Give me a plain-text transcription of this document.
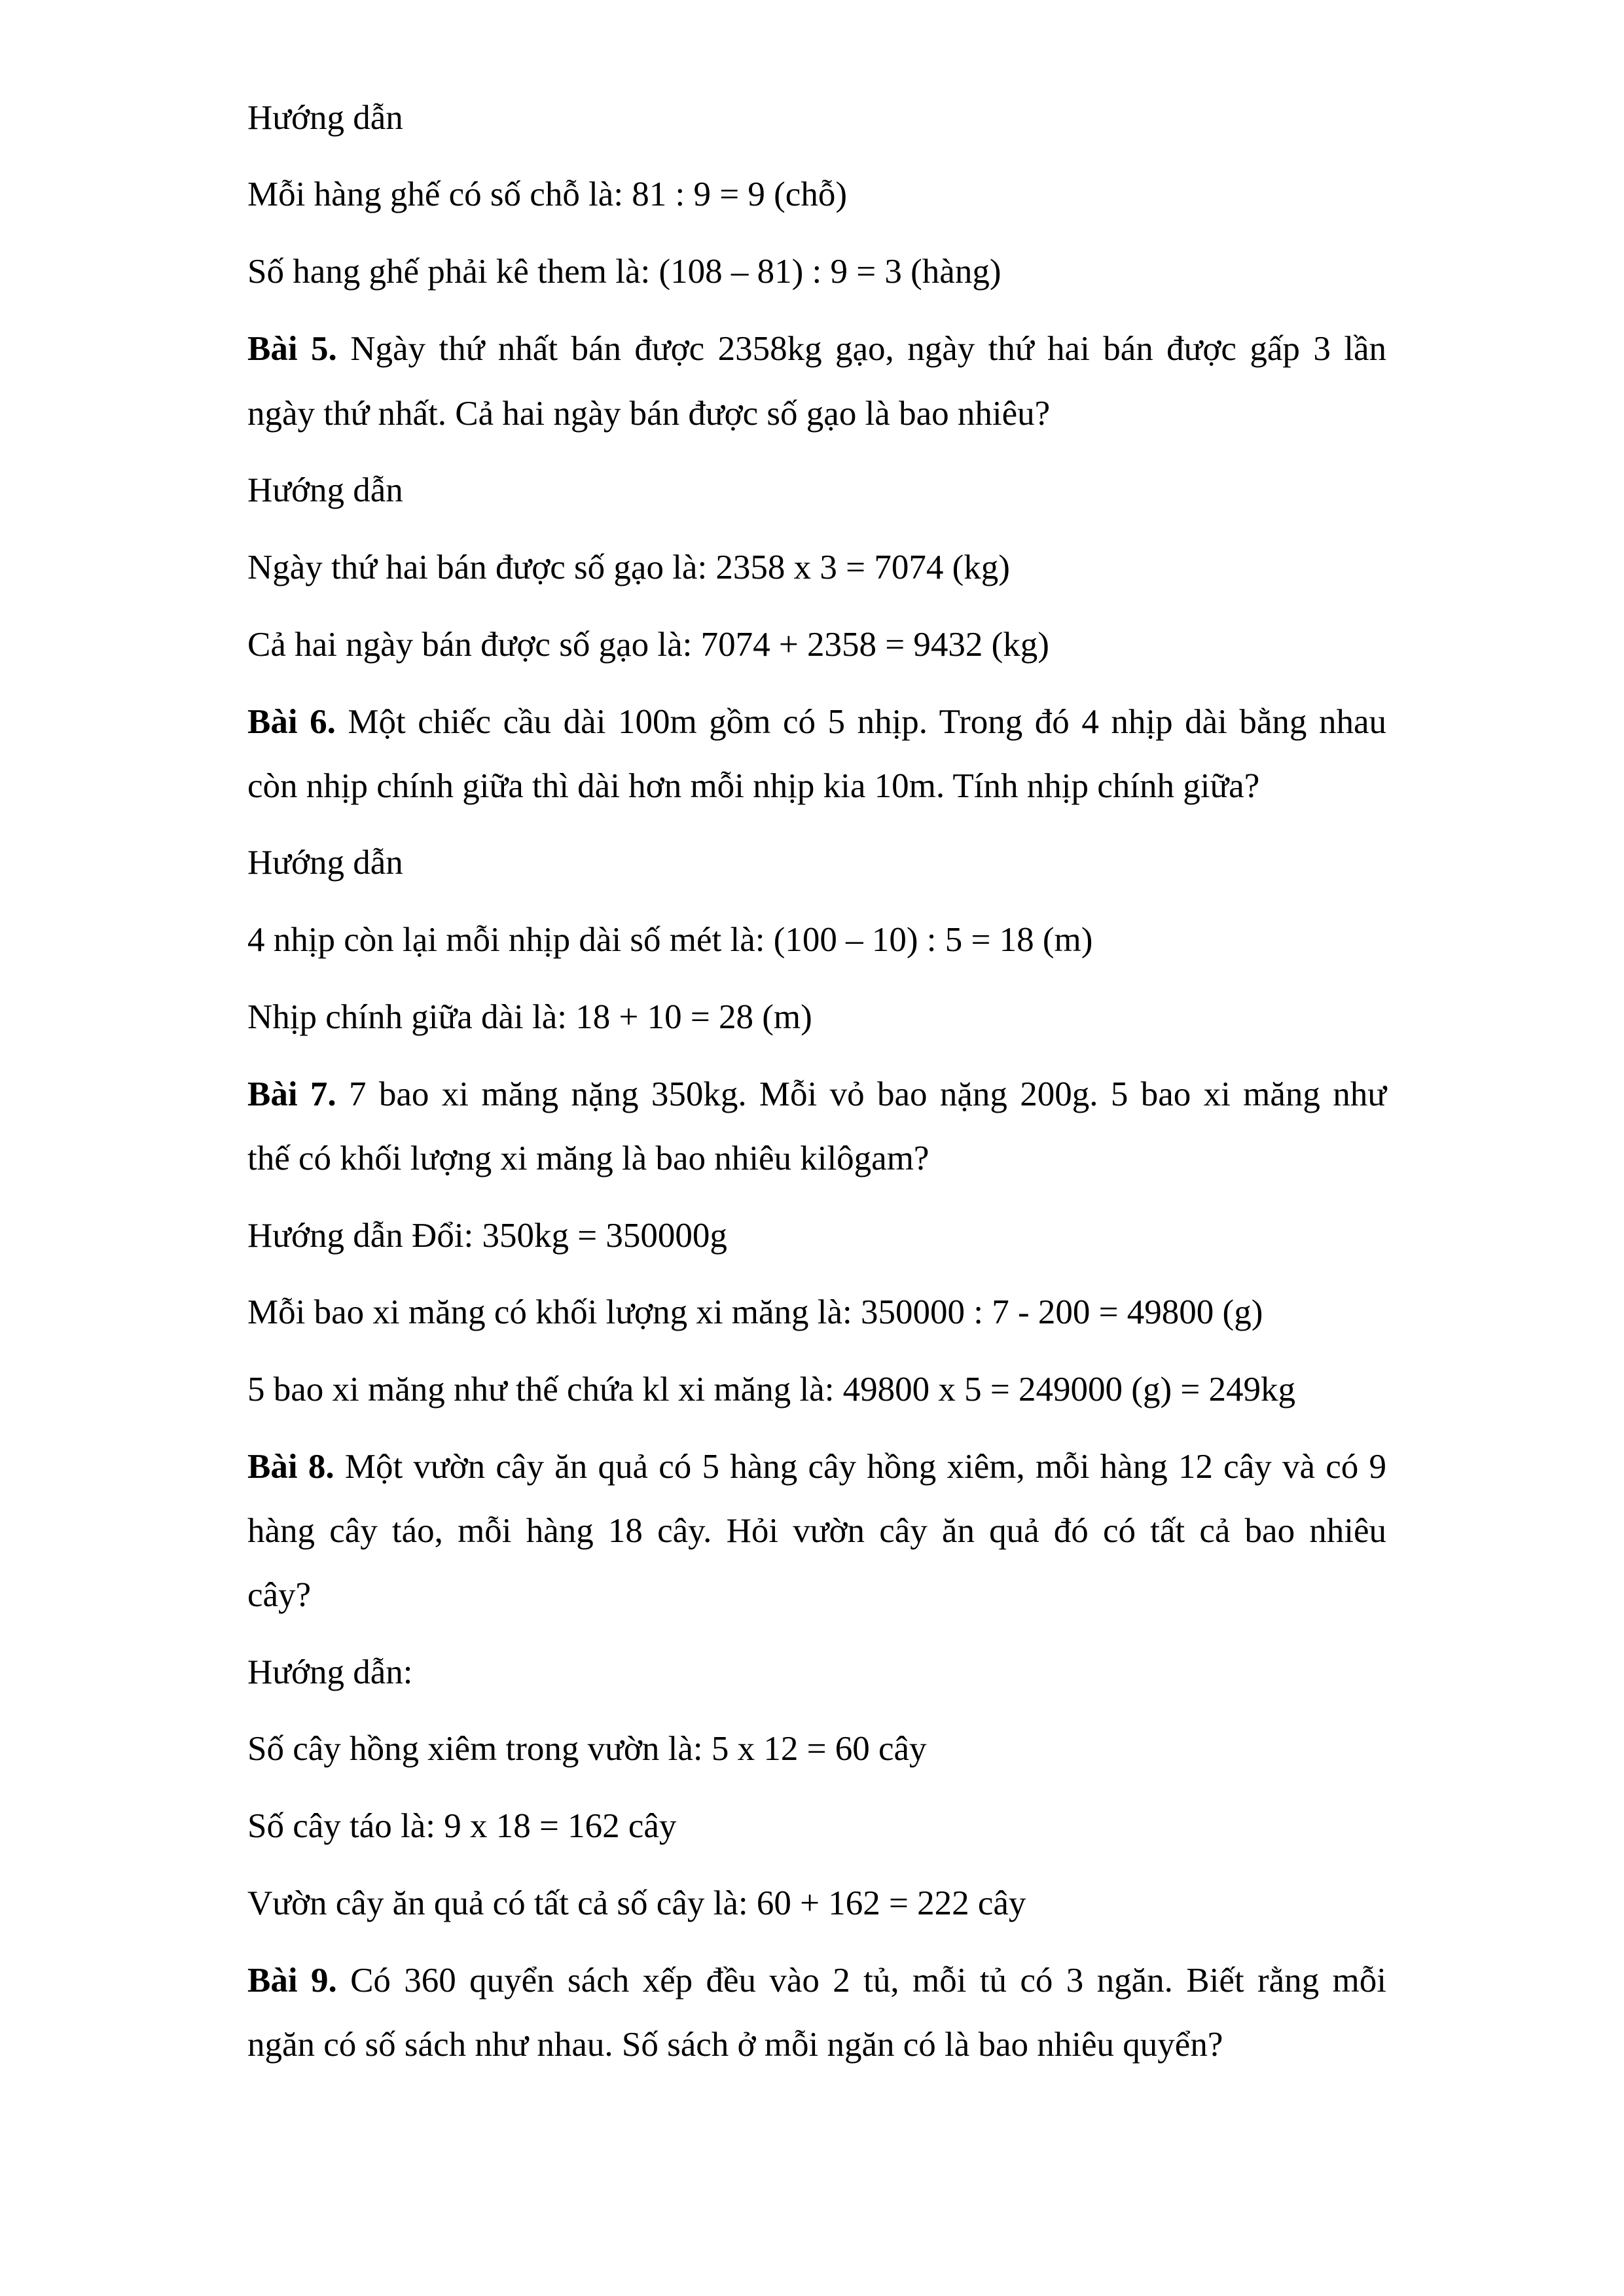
Hướng dẫn
Mỗi hàng ghế có số chỗ là: 81 : 9 = 9 (chỗ)
Số hang ghế phải kê them là: (108 – 81) : 9 = 3 (hàng)
Bài 5. Ngày thứ nhất bán được 2358kg gạo, ngày thứ hai bán được gấp 3 lần
ngày thứ nhất. Cả hai ngày bán được số gạo là bao nhiêu?
Hướng dẫn
Ngày thứ hai bán được số gạo là: 2358 x 3 = 7074 (kg)
Cả hai ngày bán được số gạo là: 7074 + 2358 = 9432 (kg)
Bài 6. Một chiếc cầu dài 100m gồm có 5 nhịp. Trong đó 4 nhịp dài bằng nhau
còn nhịp chính giữa thì dài hơn mỗi nhịp kia 10m. Tính nhịp chính giữa?
Hướng dẫn
4 nhịp còn lại mỗi nhịp dài số mét là: (100 – 10) : 5 = 18 (m)
Nhịp chính giữa dài là: 18 + 10 = 28 (m)
Bài 7. 7 bao xi măng nặng 350kg. Mỗi vỏ bao nặng 200g. 5 bao xi măng như
thế có khối lượng xi măng là bao nhiêu kilôgam?
Hướng dẫn Đổi: 350kg = 350000g
Mỗi bao xi măng có khối lượng xi măng là: 350000 : 7 - 200 = 49800 (g)
5 bao xi măng như thế chứa kl xi măng là: 49800 x 5 = 249000 (g) = 249kg
Bài 8. Một vườn cây ăn quả có 5 hàng cây hồng xiêm, mỗi hàng 12 cây và có 9
hàng cây táo, mỗi hàng 18 cây. Hỏi vườn cây ăn quả đó có tất cả bao nhiêu
cây?
Hướng dẫn:
Số cây hồng xiêm trong vườn là: 5 x 12 = 60 cây
Số cây táo là: 9 x 18 = 162 cây
Vườn cây ăn quả có tất cả số cây là: 60 + 162 = 222 cây
Bài 9. Có 360 quyển sách xếp đều vào 2 tủ, mỗi tủ có 3 ngăn. Biết rằng mỗi
ngăn có số sách như nhau. Số sách ở mỗi ngăn có là bao nhiêu quyển?
